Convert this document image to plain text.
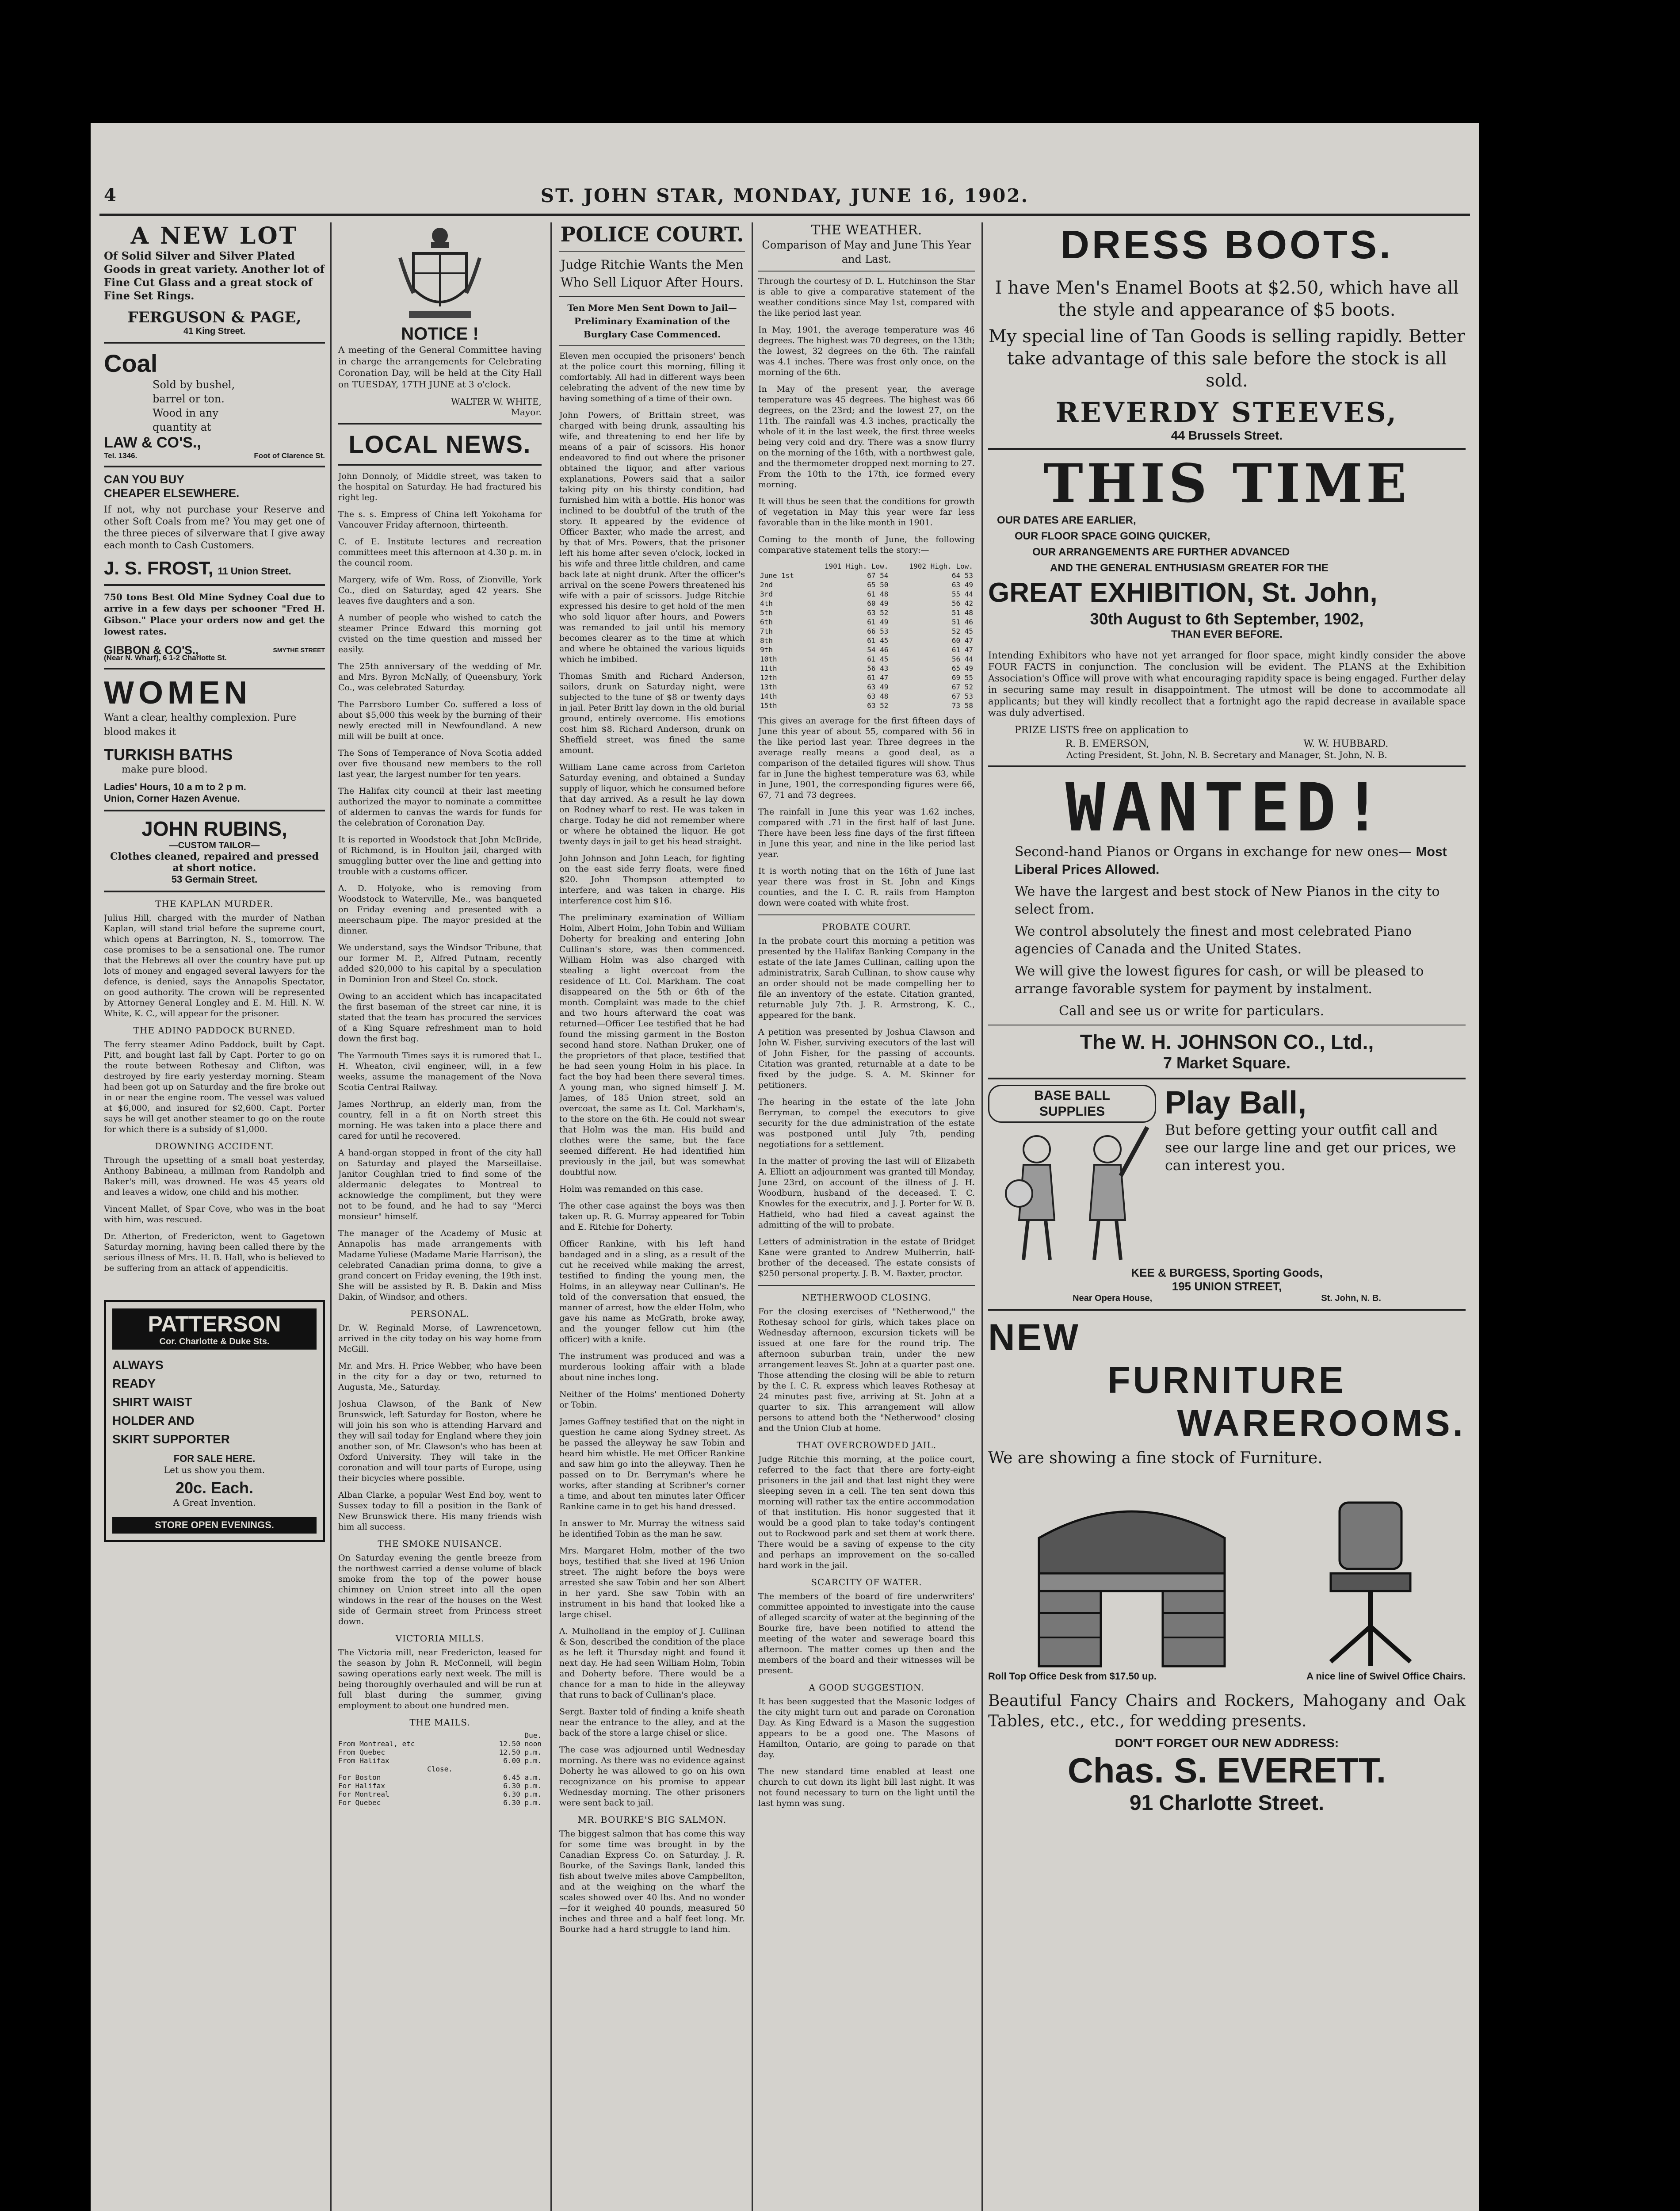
4	ST. JOHN STAR, MONDAY, JUNE 16, 1902.
A NEW LOT

Of Solid Silver and Silver Plated Goods in great variety. Another lot of Fine Cut Glass and a great stock of Fine Set Rings.

FERGUSON & PAGE,
41 King Street.
Coal
Sold by bushel,
barrel or ton.
Wood in any
quantity at
LAW & CO'S.,
Tel. 1346.	Foot of Clarence St.
CAN YOU BUY
CHEAPER ELSEWHERE.

If not, why not purchase your Reserve and other Soft Coals from me? You may get one of the three pieces of silverware that I give away each month to Cash Customers.

J. S. FROST, 11 Union Street.

750 tons Best Old Mine Sydney Coal due to arrive in a few days per schooner "Fred H. Gibson." Place your orders now and get the lowest rates.

GIBBON & CO'S.,	SMYTHE STREET
(Near N. Wharf), 6 1-2 Charlotte St.
WOMEN

Want a clear, healthy complexion. Pure blood makes it

TURKISH BATHS
make pure blood.
Ladies' Hours, 10 a m to 2 p m.
Union, Corner Hazen Avenue.
JOHN RUBINS,
—CUSTOM TAILOR—
Clothes cleaned, repaired and pressed at short notice.
53 Germain Street.
THE KAPLAN MURDER.

Julius Hill, charged with the murder of Nathan Kaplan, will stand trial before the supreme court, which opens at Barrington, N. S., tomorrow. The case promises to be a sensational one. The rumor that the Hebrews all over the country have put up lots of money and engaged several lawyers for the defence, is denied, says the Annapolis Spectator, on good authority. The crown will be represented by Attorney General Longley and E. M. Hill. N. W. White, K. C., will appear for the prisoner.

THE ADINO PADDOCK BURNED.

The ferry steamer Adino Paddock, built by Capt. Pitt, and bought last fall by Capt. Porter to go on the route between Rothesay and Clifton, was destroyed by fire early yesterday morning. Steam had been got up on Saturday and the fire broke out in or near the engine room. The vessel was valued at $6,000, and insured for $2,600. Capt. Porter says he will get another steamer to go on the route for which there is a subsidy of $1,000.

DROWNING ACCIDENT.

Through the upsetting of a small boat yesterday, Anthony Babineau, a millman from Randolph and Baker's mill, was drowned. He was 45 years old and leaves a widow, one child and his mother.

Vincent Mallet, of Spar Cove, who was in the boat with him, was rescued.

Dr. Atherton, of Fredericton, went to Gagetown Saturday morning, having been called there by the serious illness of Mrs. H. B. Hall, who is believed to be suffering from an attack of appendicitis.

PATTERSON
Cor. Charlotte & Duke Sts.
ALWAYS
READY
SHIRT WAIST
HOLDER AND
SKIRT SUPPORTER
FOR SALE HERE.
Let us show you them.
20c. Each.
A Great Invention.
STORE OPEN EVENINGS.
NOTICE !

A meeting of the General Committee having in charge the arrangements for Celebrating Coronation Day, will be held at the City Hall on TUESDAY, 17TH JUNE at 3 o'clock.

WALTER W. WHITE,
Mayor.
LOCAL NEWS.

John Donnoly, of Middle street, was taken to the hospital on Saturday. He had fractured his right leg.

The s. s. Empress of China left Yokohama for Vancouver Friday afternoon, thirteenth.

C. of E. Institute lectures and recreation committees meet this afternoon at 4.30 p. m. in the council room.

Margery, wife of Wm. Ross, of Zionville, York Co., died on Saturday, aged 42 years. She leaves five daughters and a son.

A number of people who wished to catch the steamer Prince Edward this morning got cvisted on the time question and missed her easily.

The 25th anniversary of the wedding of Mr. and Mrs. Byron McNally, of Queensbury, York Co., was celebrated Saturday.

The Parrsboro Lumber Co. suffered a loss of about $5,000 this week by the burning of their newly erected mill in Newfoundland. A new mill will be built at once.

The Sons of Temperance of Nova Scotia added over five thousand new members to the roll last year, the largest number for ten years.

The Halifax city council at their last meeting authorized the mayor to nominate a committee of aldermen to canvas the wards for funds for the celebration of Coronation Day.

It is reported in Woodstock that John McBride, of Richmond, is in Houlton jail, charged with smuggling butter over the line and getting into trouble with a customs officer.

A. D. Holyoke, who is removing from Woodstock to Waterville, Me., was banqueted on Friday evening and presented with a meerschaum pipe. The mayor presided at the dinner.

We understand, says the Windsor Tribune, that our former M. P., Alfred Putnam, recently added $20,000 to his capital by a speculation in Dominion Iron and Steel Co. stock.

Owing to an accident which has incapacitated the first baseman of the street car nine, it is stated that the team has procured the services of a King Square refreshment man to hold down the first bag.

The Yarmouth Times says it is rumored that L. H. Wheaton, civil engineer, will, in a few weeks, assume the management of the Nova Scotia Central Railway.

James Northrup, an elderly man, from the country, fell in a fit on North street this morning. He was taken into a place there and cared for until he recovered.

A hand-organ stopped in front of the city hall on Saturday and played the Marseillaise. Janitor Coughlan tried to find some of the aldermanic delegates to Montreal to acknowledge the compliment, but they were not to be found, and he had to say "Merci monsieur" himself.

The manager of the Academy of Music at Annapolis has made arrangements with Madame Yuliese (Madame Marie Harrison), the celebrated Canadian prima donna, to give a grand concert on Friday evening, the 19th inst. She will be assisted by R. B. Dakin and Miss Dakin, of Windsor, and others.

PERSONAL.

Dr. W. Reginald Morse, of Lawrencetown, arrived in the city today on his way home from McGill.

Mr. and Mrs. H. Price Webber, who have been in the city for a day or two, returned to Augusta, Me., Saturday.

Joshua Clawson, of the Bank of New Brunswick, left Saturday for Boston, where he will join his son who is attending Harvard and they will sail today for England where they join another son, of Mr. Clawson's who has been at Oxford University. They will take in the coronation and will tour parts of Europe, using their bicycles where possible.

Alban Clarke, a popular West End boy, went to Sussex today to fill a position in the Bank of New Brunswick there. His many friends wish him all success.

THE SMOKE NUISANCE.

On Saturday evening the gentle breeze from the northwest carried a dense volume of black smoke from the top of the power house chimney on Union street into all the open windows in the rear of the houses on the West side of Germain street from Princess street down.

VICTORIA MILLS.

The Victoria mill, near Fredericton, leased for the season by John R. McConnell, will begin sawing operations early next week. The mill is being thoroughly overhauled and will be run at full blast during the summer, giving employment to about one hundred men.

THE MAILS.
Due.
From Montreal, etc	12.50 noon
From Quebec	12.50 p.m.
From Halifax	6.00 p.m.
Close.
For Boston	6.45 a.m.
For Halifax	6.30 p.m.
For Montreal	6.30 p.m.
For Quebec	6.30 p.m.
POLICE COURT.
Judge Ritchie Wants the Men Who Sell Liquor After Hours.
Ten More Men Sent Down to Jail—Preliminary Examination of the Burglary Case Commenced.

Eleven men occupied the prisoners' bench at the police court this morning, filling it comfortably. All had in different ways been celebrating the advent of the new time by having something of a time of their own.

John Powers, of Brittain street, was charged with being drunk, assaulting his wife, and threatening to end her life by means of a pair of scissors. His honor endeavored to find out where the prisoner obtained the liquor, and after various explanations, Powers said that a sailor taking pity on his thirsty condition, had furnished him with a bottle. His honor was inclined to be doubtful of the truth of the story. It appeared by the evidence of Officer Baxter, who made the arrest, and by that of Mrs. Powers, that the prisoner left his home after seven o'clock, locked in his wife and three little children, and came back late at night drunk. After the officer's arrival on the scene Powers threatened his wife with a pair of scissors. Judge Ritchie expressed his desire to get hold of the men who sold liquor after hours, and Powers was remanded to jail until his memory becomes clearer as to the time at which and where he obtained the various liquids which he imbibed.

Thomas Smith and Richard Anderson, sailors, drunk on Saturday night, were subjected to the tune of $8 or twenty days in jail. Peter Britt lay down in the old burial ground, entirely overcome. His emotions cost him $8. Richard Anderson, drunk on Sheffield street, was fined the same amount.

William Lane came across from Carleton Saturday evening, and obtained a Sunday supply of liquor, which he consumed before that day arrived. As a result he lay down on Rodney wharf to rest. He was taken in charge. Today he did not remember where or where he obtained the liquor. He got twenty days in jail to get his head straight.

John Johnson and John Leach, for fighting on the east side ferry floats, were fined $20. John Thompson attempted to interfere, and was taken in charge. His interference cost him $16.

The preliminary examination of William Holm, Albert Holm, John Tobin and William Doherty for breaking and entering John Cullinan's store, was then commenced. William Holm was also charged with stealing a light overcoat from the residence of Lt. Col. Markham. The coat disappeared on the 5th or 6th of the month. Complaint was made to the chief and two hours afterward the coat was returned—Officer Lee testified that he had found the missing garment in the Boston second hand store. Nathan Druker, one of the proprietors of that place, testified that he had seen young Holm in his place. In fact the boy had been there several times. A young man, who signed himself J. M. James, of 185 Union street, sold an overcoat, the same as Lt. Col. Markham's, to the store on the 6th. He could not swear that Holm was the man. His build and clothes were the same, but the face seemed different. He had identified him previously in the jail, but was somewhat doubtful now.

Holm was remanded on this case.

The other case against the boys was then taken up. R. G. Murray appeared for Tobin and E. Ritchie for Doherty.

Officer Rankine, with his left hand bandaged and in a sling, as a result of the cut he received while making the arrest, testified to finding the young men, the Holms, in an alleyway near Cullinan's. He told of the conversation that ensued, the manner of arrest, how the elder Holm, who gave his name as McGrath, broke away, and the younger fellow cut him (the officer) with a knife.

The instrument was produced and was a murderous looking affair with a blade about nine inches long.

Neither of the Holms' mentioned Doherty or Tobin.

James Gaffney testified that on the night in question he came along Sydney street. As he passed the alleyway he saw Tobin and heard him whistle. He met Officer Rankine and saw him go into the alleyway. Then he passed on to Dr. Berryman's where he works, after standing at Scribner's corner a time, and about ten minutes later Officer Rankine came in to get his hand dressed.

In answer to Mr. Murray the witness said he identified Tobin as the man he saw.

Mrs. Margaret Holm, mother of the two boys, testified that she lived at 196 Union street. The night before the boys were arrested she saw Tobin and her son Albert in her yard. She saw Tobin with an instrument in his hand that looked like a large chisel.

A. Mulholland in the employ of J. Cullinan & Son, described the condition of the place as he left it Thursday night and found it next day. He had seen William Holm, Tobin and Doherty before. There would be a chance for a man to hide in the alleyway that runs to back of Cullinan's place.

Sergt. Baxter told of finding a knife sheath near the entrance to the alley, and at the back of the store a large chisel or slice.

The case was adjourned until Wednesday morning. As there was no evidence against Doherty he was allowed to go on his own recognizance on his promise to appear Wednesday morning. The other prisoners were sent back to jail.

MR. BOURKE'S BIG SALMON.

The biggest salmon that has come this way for some time was brought in by the Canadian Express Co. on Saturday. J. R. Bourke, of the Savings Bank, landed this fish about twelve miles above Campbellton, and at the weighing on the wharf the scales showed over 40 lbs. And no wonder—for it weighed 40 pounds, measured 50 inches and three and a half feet long. Mr. Bourke had a hard struggle to land him.

THE WEATHER.
Comparison of May and June This Year and Last.

Through the courtesy of D. L. Hutchinson the Star is able to give a comparative statement of the weather conditions since May 1st, compared with the like period last year.

In May, 1901, the average temperature was 46 degrees. The highest was 70 degrees, on the 13th; the lowest, 32 degrees on the 6th. The rainfall was 4.1 inches. There was frost only once, on the morning of the 6th.

In May of the present year, the average temperature was 45 degrees. The highest was 66 degrees, on the 23rd; and the lowest 27, on the 11th. The rainfall was 4.3 inches, practically the whole of it in the last week, the first three weeks being very cold and dry. There was a snow flurry on the morning of the 16th, with a northwest gale, and the thermometer dropped next morning to 27. From the 10th to the 17th, ice formed every morning.

It will thus be seen that the conditions for growth of vegetation in May this year were far less favorable than in the like month in 1901.

Coming to the month of June, the following comparative statement tells the story:—

	1901 High. Low.	1902 High. Low.
June 1st	67 54	64 53
2nd	65 50	63 49
3rd	61 48	55 44
4th	60 49	56 42
5th	63 52	51 48
6th	61 49	51 46
7th	66 53	52 45
8th	61 45	60 47
9th	54 46	61 47
10th	61 45	56 44
11th	56 43	65 49
12th	61 47	69 55
13th	63 49	67 52
14th	63 48	67 53
15th	63 52	73 58

This gives an average for the first fifteen days of June this year of about 55, compared with 56 in the like period last year. Three degrees in the average really means a good deal, as a comparison of the detailed figures will show. Thus far in June the highest temperature was 63, while in June, 1901, the corresponding figures were 66, 67, 71 and 73 degrees.

The rainfall in June this year was 1.62 inches, compared with .71 in the first half of last June. There have been less fine days of the first fifteen in June this year, and nine in the like period last year.

It is worth noting that on the 16th of June last year there was frost in St. John and Kings counties, and the I. C. R. rails from Hampton down were coated with white frost.

PROBATE COURT.

In the probate court this morning a petition was presented by the Halifax Banking Company in the estate of the late James Cullinan, calling upon the administratrix, Sarah Cullinan, to show cause why an order should not be made compelling her to file an inventory of the estate. Citation granted, returnable July 7th. J. R. Armstrong, K. C., appeared for the bank.

A petition was presented by Joshua Clawson and John W. Fisher, surviving executors of the last will of John Fisher, for the passing of accounts. Citation was granted, returnable at a date to be fixed by the judge. S. A. M. Skinner for petitioners.

The hearing in the estate of the late John Berryman, to compel the executors to give security for the due administration of the estate was postponed until July 7th, pending negotiations for a settlement.

In the matter of proving the last will of Elizabeth A. Elliott an adjournment was granted till Monday, June 23rd, on account of the illness of J. H. Woodburn, husband of the deceased. T. C. Knowles for the executrix, and J. J. Porter for W. B. Hatfield, who had filed a caveat against the admitting of the will to probate.

Letters of administration in the estate of Bridget Kane were granted to Andrew Mulherrin, half-brother of the deceased. The estate consists of $250 personal property. J. B. M. Baxter, proctor.

NETHERWOOD CLOSING.

For the closing exercises of "Netherwood," the Rothesay school for girls, which takes place on Wednesday afternoon, excursion tickets will be issued at one fare for the round trip. The afternoon suburban train, under the new arrangement leaves St. John at a quarter past one. Those attending the closing will be able to return by the I. C. R. express which leaves Rothesay at 24 minutes past five, arriving at St. John at a quarter to six. This arrangement will allow persons to attend both the "Netherwood" closing and the Union Club at home.

THAT OVERCROWDED JAIL.

Judge Ritchie this morning, at the police court, referred to the fact that there are forty-eight prisoners in the jail and that last night they were sleeping seven in a cell. The ten sent down this morning will rather tax the entire accommodation of that institution. His honor suggested that it would be a good plan to take today's contingent out to Rockwood park and set them at work there. There would be a saving of expense to the city and perhaps an improvement on the so-called hard work in the jail.

SCARCITY OF WATER.

The members of the board of fire underwriters' committee appointed to investigate into the cause of alleged scarcity of water at the beginning of the Bourke fire, have been notified to attend the meeting of the water and sewerage board this afternoon. The matter comes up then and the members of the board and their witnesses will be present.

A GOOD SUGGESTION.

It has been suggested that the Masonic lodges of the city might turn out and parade on Coronation Day. As King Edward is a Mason the suggestion appears to be a good one. The Masons of Hamilton, Ontario, are going to parade on that day.

The new standard time enabled at least one church to cut down its light bill last night. It was not found necessary to turn on the light until the last hymn was sung.

DRESS BOOTS.

I have Men's Enamel Boots at $2.50, which have all the style and appearance of $5 boots.

My special line of Tan Goods is selling rapidly. Better take advantage of this sale before the stock is all sold.

REVERDY STEEVES,
44 Brussels Street.
THIS TIME
OUR DATES ARE EARLIER,
OUR FLOOR SPACE GOING QUICKER,
OUR ARRANGEMENTS ARE FURTHER ADVANCED
AND THE GENERAL ENTHUSIASM GREATER FOR THE
GREAT EXHIBITION, St. John,
30th August to 6th September, 1902,
THAN EVER BEFORE.

Intending Exhibitors who have not yet arranged for floor space, might kindly consider the above FOUR FACTS in conjunction. The conclusion will be evident. The PLANS at the Exhibition Association's Office will prove with what encouraging rapidity space is being engaged. Further delay in securing same may result in disappointment. The utmost will be done to accommodate all applicants; but they will kindly recollect that a fortnight ago the rapid decrease in available space was duly advertised.

PRIZE LISTS free on application to
R. B. EMERSON,	W. W. HUBBARD.
Acting President, St. John, N. B. Secretary and Manager, St. John, N. B.
WANTED!
Second-hand Pianos or Organs in exchange for new ones— Most Liberal Prices Allowed.

We have the largest and best stock of New Pianos in the city to select from.

We control absolutely the finest and most celebrated Piano agencies of Canada and the United States.

We will give the lowest figures for cash, or will be pleased to arrange favorable system for payment by instalment.

Call and see us or write for particulars.

The W. H. JOHNSON CO., Ltd.,
7 Market Square.
BASE BALL
SUPPLIES	Play Ball,

But before getting your outfit call and see our large line and get our prices, we can interest you.

KEE & BURGESS, Sporting Goods,
195 UNION STREET,
Near Opera House,	St. John, N. B.
NEW
FURNITURE
WAREROOMS.
We are showing a fine stock of Furniture.
Roll Top Office Desk from $17.50 up.	A nice line of Swivel Office Chairs.

Beautiful Fancy Chairs and Rockers, Mahogany and Oak Tables, etc., etc., for wedding presents.

DON'T FORGET OUR NEW ADDRESS:
Chas. S. EVERETT.
91 Charlotte Street.
